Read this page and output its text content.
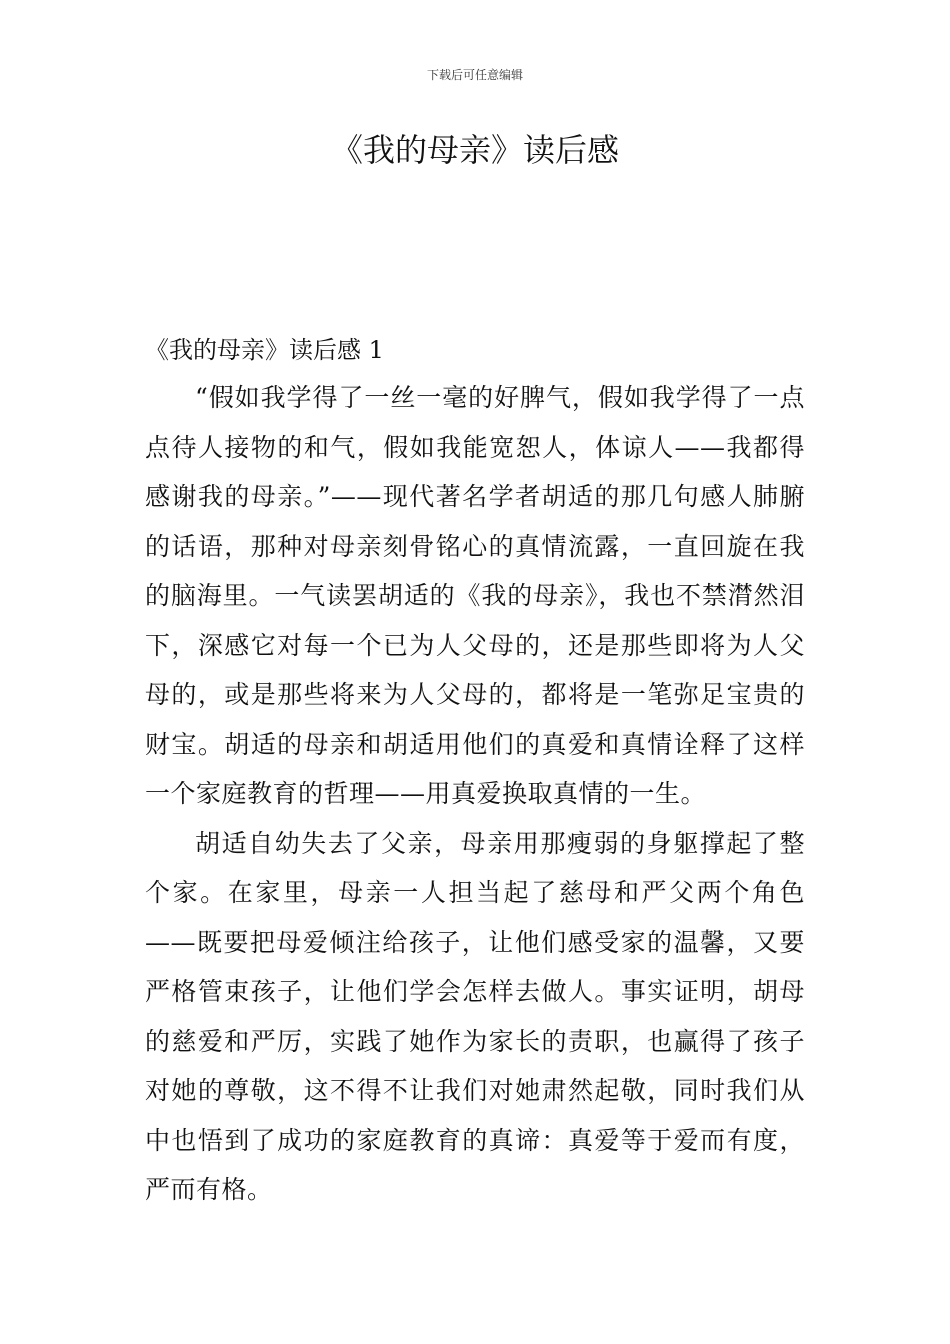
下载后可任意编辑
《我的母亲》读后感
《我的母亲》读后感 1

“假如我学得了一丝一毫的好脾气，假如我学得了一点点待人接物的和气，假如我能宽恕人，体谅人——我都得感谢我的母亲。”——现代著名学者胡适的那几句感人肺腑的话语，那种对母亲刻骨铭心的真情流露，一直回旋在我的脑海里。一气读罢胡适的《我的母亲》，我也不禁潸然泪下，深感它对每一个已为人父母的，还是那些即将为人父母的，或是那些将来为人父母的，都将是一笔弥足宝贵的财宝。胡适的母亲和胡适用他们的真爱和真情诠释了这样一个家庭教育的哲理——用真爱换取真情的一生。

胡适自幼失去了父亲，母亲用那瘦弱的身躯撑起了整个家。在家里，母亲一人担当起了慈母和严父两个角色——既要把母爱倾注给孩子，让他们感受家的温馨，又要严格管束孩子，让他们学会怎样去做人。事实证明，胡母的慈爱和严厉，实践了她作为家长的责职，也赢得了孩子对她的尊敬，这不得不让我们对她肃然起敬，同时我们从中也悟到了成功的家庭教育的真谛：真爱等于爱而有度，严而有格。
